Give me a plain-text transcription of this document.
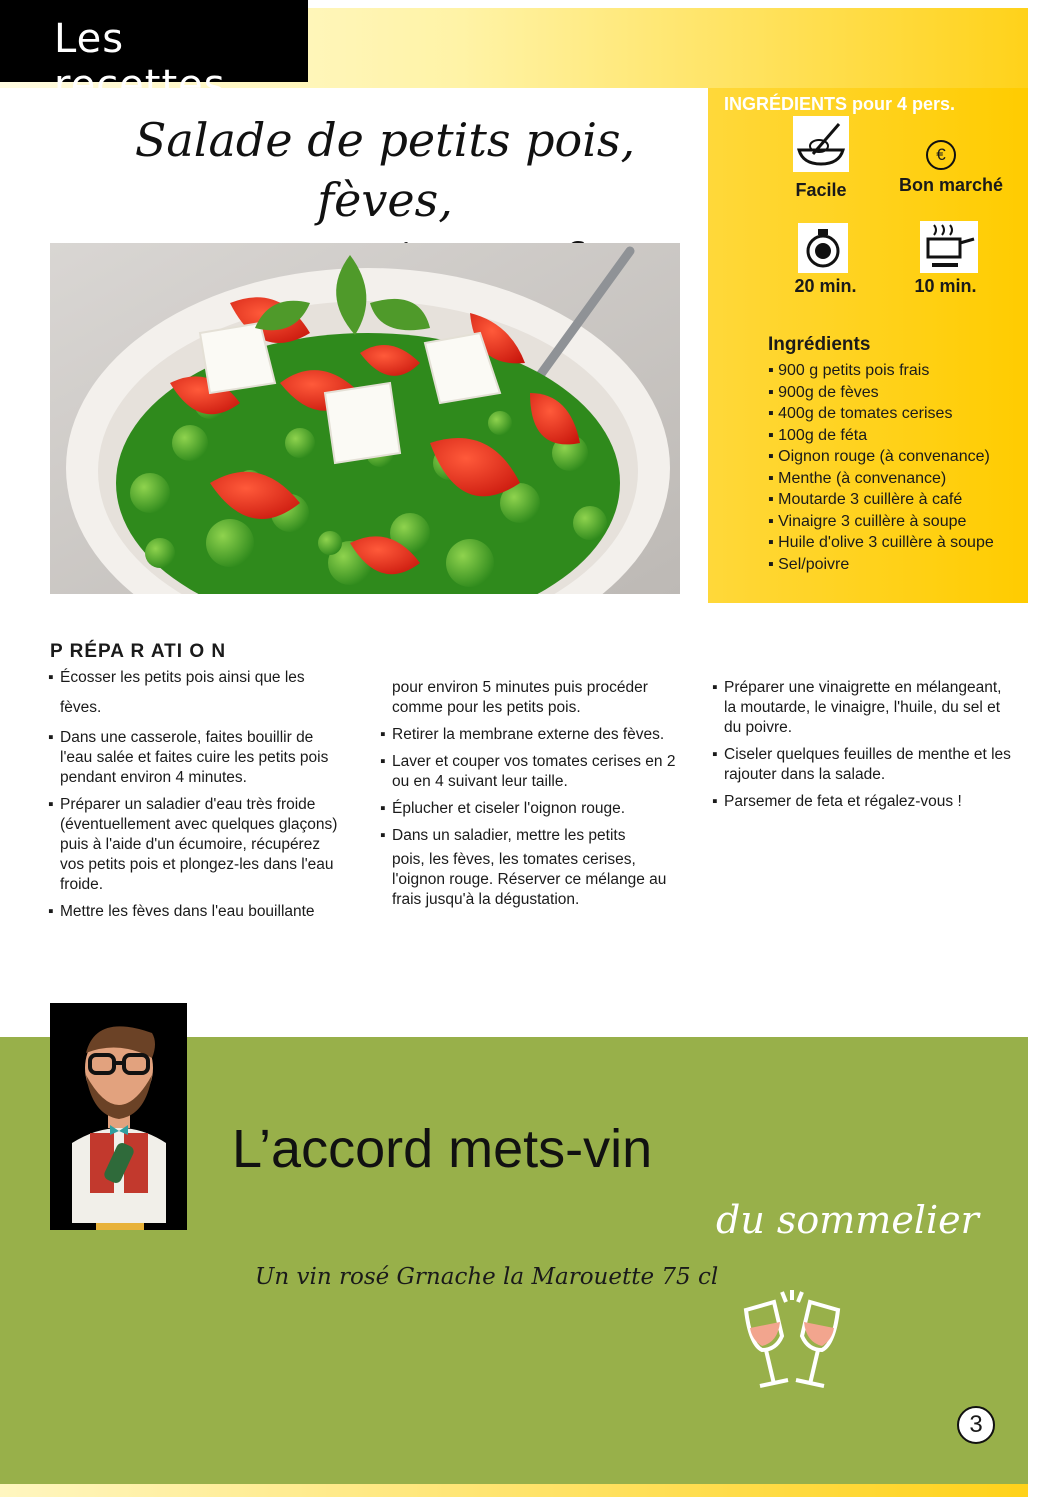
Les recettes
Salade de petits pois, fèves,
INGRÉDIENTS pour 4 pers.
Facile
€
Bon marché
20 min.	10 min.
Ingrédients
▪ 900 g petits pois frais
▪ 900g de fèves
▪ 400g de tomates cerises
▪ 100g de féta
▪ Oignon rouge (à convenance)
▪ Menthe (à convenance)
▪ Moutarde 3 cuillère à café
▪ Vinaigre 3 cuillère à soupe
▪ Huile d'olive 3 cuillère à soupe
▪ Sel/poivre
P RÉPA R ATI O N

▪ Écosser les petits pois ainsi que les

fèves.

▪ Dans une casserole, faites bouillir de l'eau salée et faites cuire les petits pois pendant environ 4 minutes.

▪ Préparer un saladier d'eau très froide (éventuellement avec quelques glaçons) puis à l'aide d'un écumoire, récupérez vos petits pois et plongez-les dans l'eau froide.

▪ Mettre les fèves dans l'eau bouillante

pour environ 5 minutes puis procéder comme pour les petits pois.

▪ Retirer la membrane externe des fèves.

▪ Laver et couper vos tomates cerises en 2 ou en 4 suivant leur taille.

▪ Éplucher et ciseler l'oignon rouge.

▪ Dans un saladier, mettre les petits

pois, les fèves, les tomates cerises, l'oignon rouge. Réserver ce mélange au frais jusqu'à la dégustation.

▪ Préparer une vinaigrette en mélangeant, la moutarde, le vinaigre, l'huile, du sel et du poivre.

▪ Ciseler quelques feuilles de menthe et les rajouter dans la salade.

▪ Parsemer de feta et régalez-vous !

L’accord mets-vin
du sommelier
Un vin rosé Grnache la Marouette 75 cl
3
